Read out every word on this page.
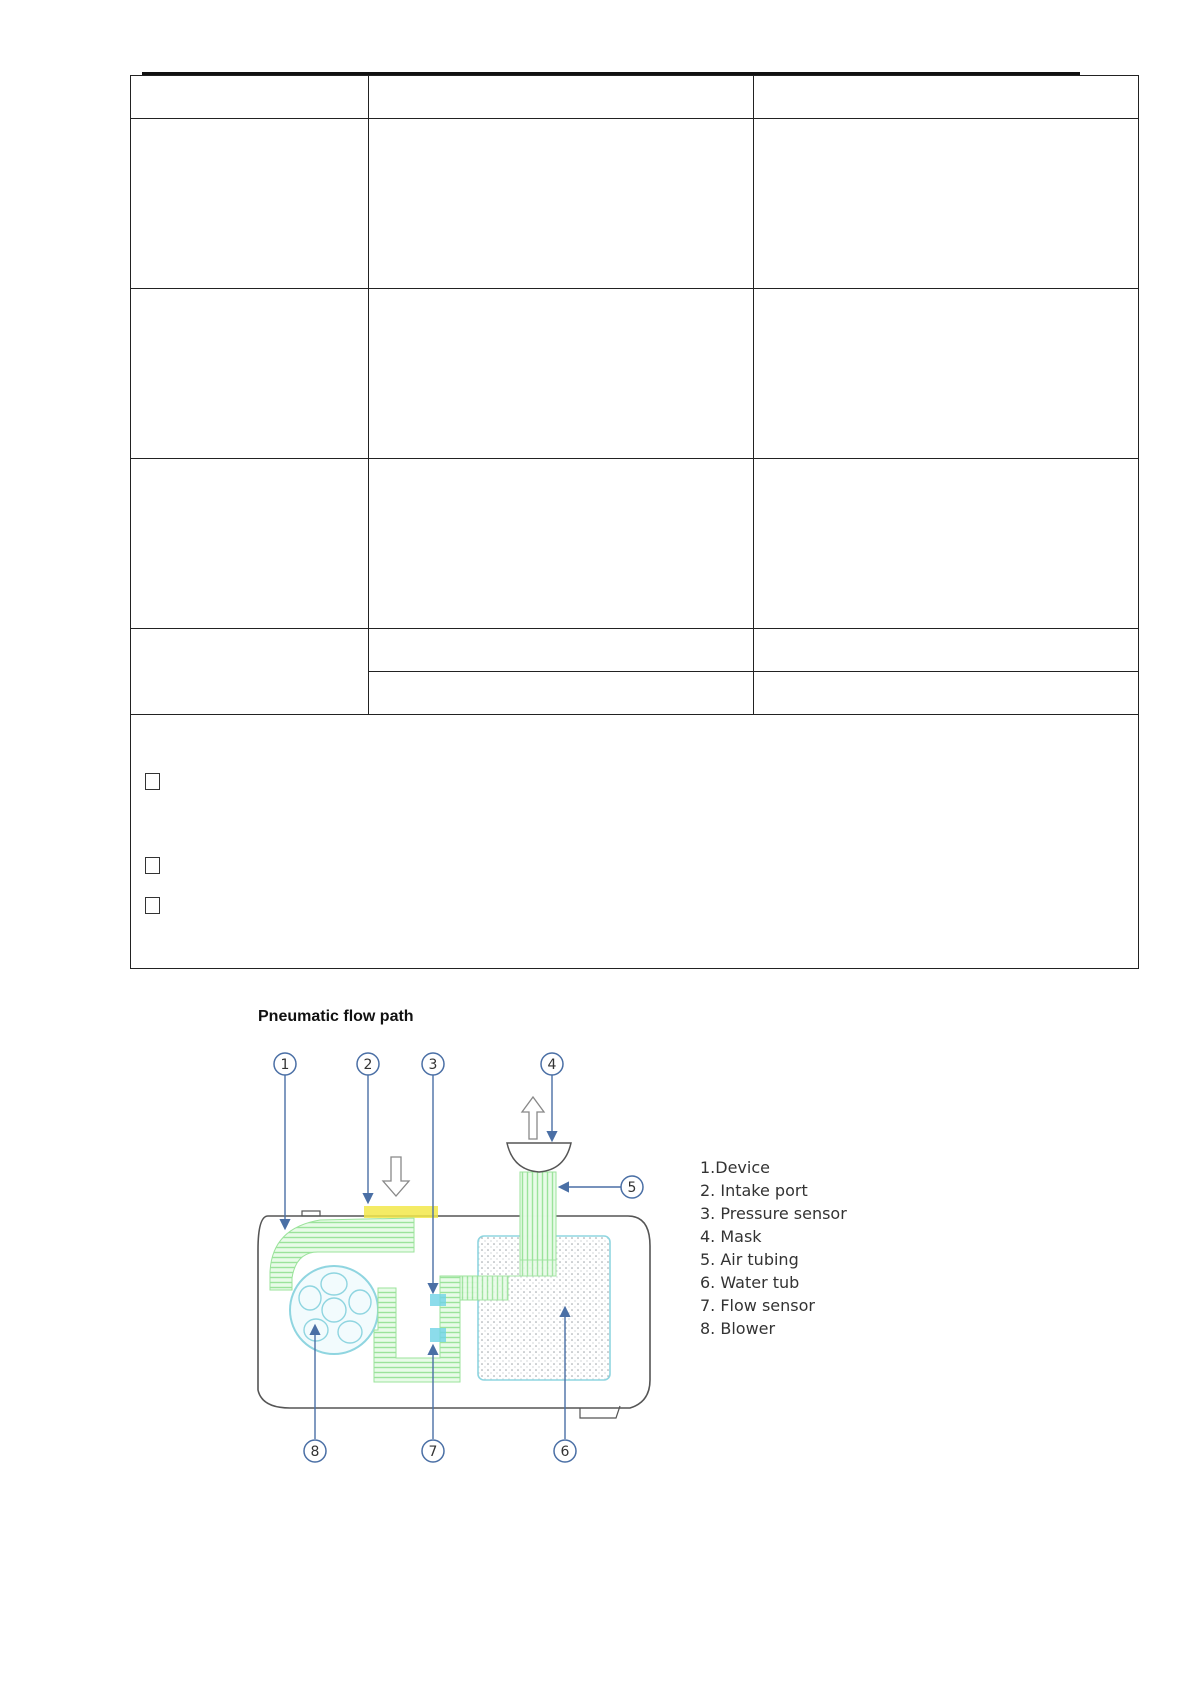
Pneumatic flow path
1	2	3	4
5
6
7
8
1.Device
2. Intake port
3. Pressure sensor
4. Mask
5. Air tubing
6. Water tub
7. Flow sensor
8. Blower
